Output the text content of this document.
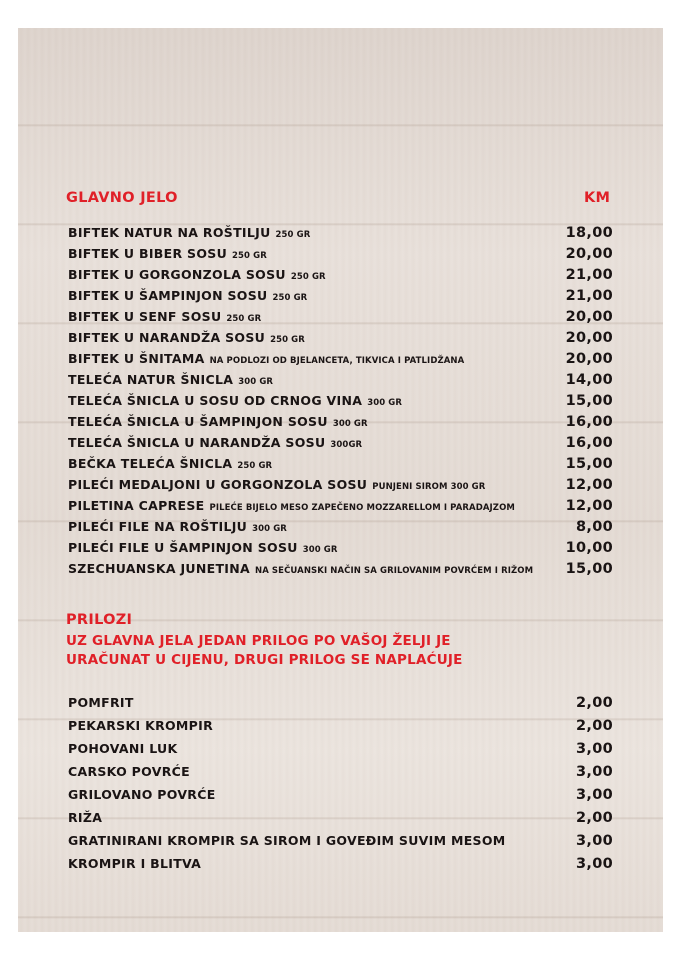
GLAVNO JELO	KM
BIFTEK NATUR NA ROŠTILJU 250 GR	18,00
BIFTEK U BIBER SOSU 250 GR	20,00
BIFTEK U GORGONZOLA SOSU 250 GR	21,00
BIFTEK U ŠAMPINJON SOSU 250 GR	21,00
BIFTEK U SENF SOSU 250 GR	20,00
BIFTEK U NARANDŽA SOSU 250 GR	20,00
BIFTEK U ŠNITAMA NA PODLOZI OD BJELANCETA, TIKVICA I PATLIDŽANA	20,00
TELEĆA NATUR ŠNICLA 300 GR	14,00
TELEĆA ŠNICLA U SOSU OD CRNOG VINA 300 GR	15,00
TELEĆA ŠNICLA U ŠAMPINJON SOSU 300 GR	16,00
TELEĆA ŠNICLA U NARANDŽA SOSU 300GR	16,00
BEČKA TELEĆA ŠNICLA 250 GR	15,00
PILEĆI MEDALJONI U GORGONZOLA SOSU PUNJENI SIROM 300 GR	12,00
PILETINA CAPRESE PILEĆE BIJELO MESO ZAPEČENO MOZZARELLOM I PARADAJZOM	12,00
PILEĆI FILE NA ROŠTILJU 300 GR	8,00
PILEĆI FILE U ŠAMPINJON SOSU 300 GR	10,00
SZECHUANSKA JUNETINA NA SEČUANSKI NAČIN SA GRILOVANIM POVRĆEM I RIŽOM 15,00
PRILOZI
UZ GLAVNA JELA JEDAN PRILOG PO VAŠOJ ŽELJI JE
URAČUNAT U CIJENU, DRUGI PRILOG SE NAPLAĆUJE
POMFRIT	2,00
PEKARSKI KROMPIR	2,00
POHOVANI LUK	3,00
CARSKO POVRĆE	3,00
GRILOVANO POVRĆE	3,00
RIŽA	2,00
GRATINIRANI KROMPIR SA SIROM I GOVEĐIM SUVIM MESOM	3,00
KROMPIR I BLITVA	3,00
